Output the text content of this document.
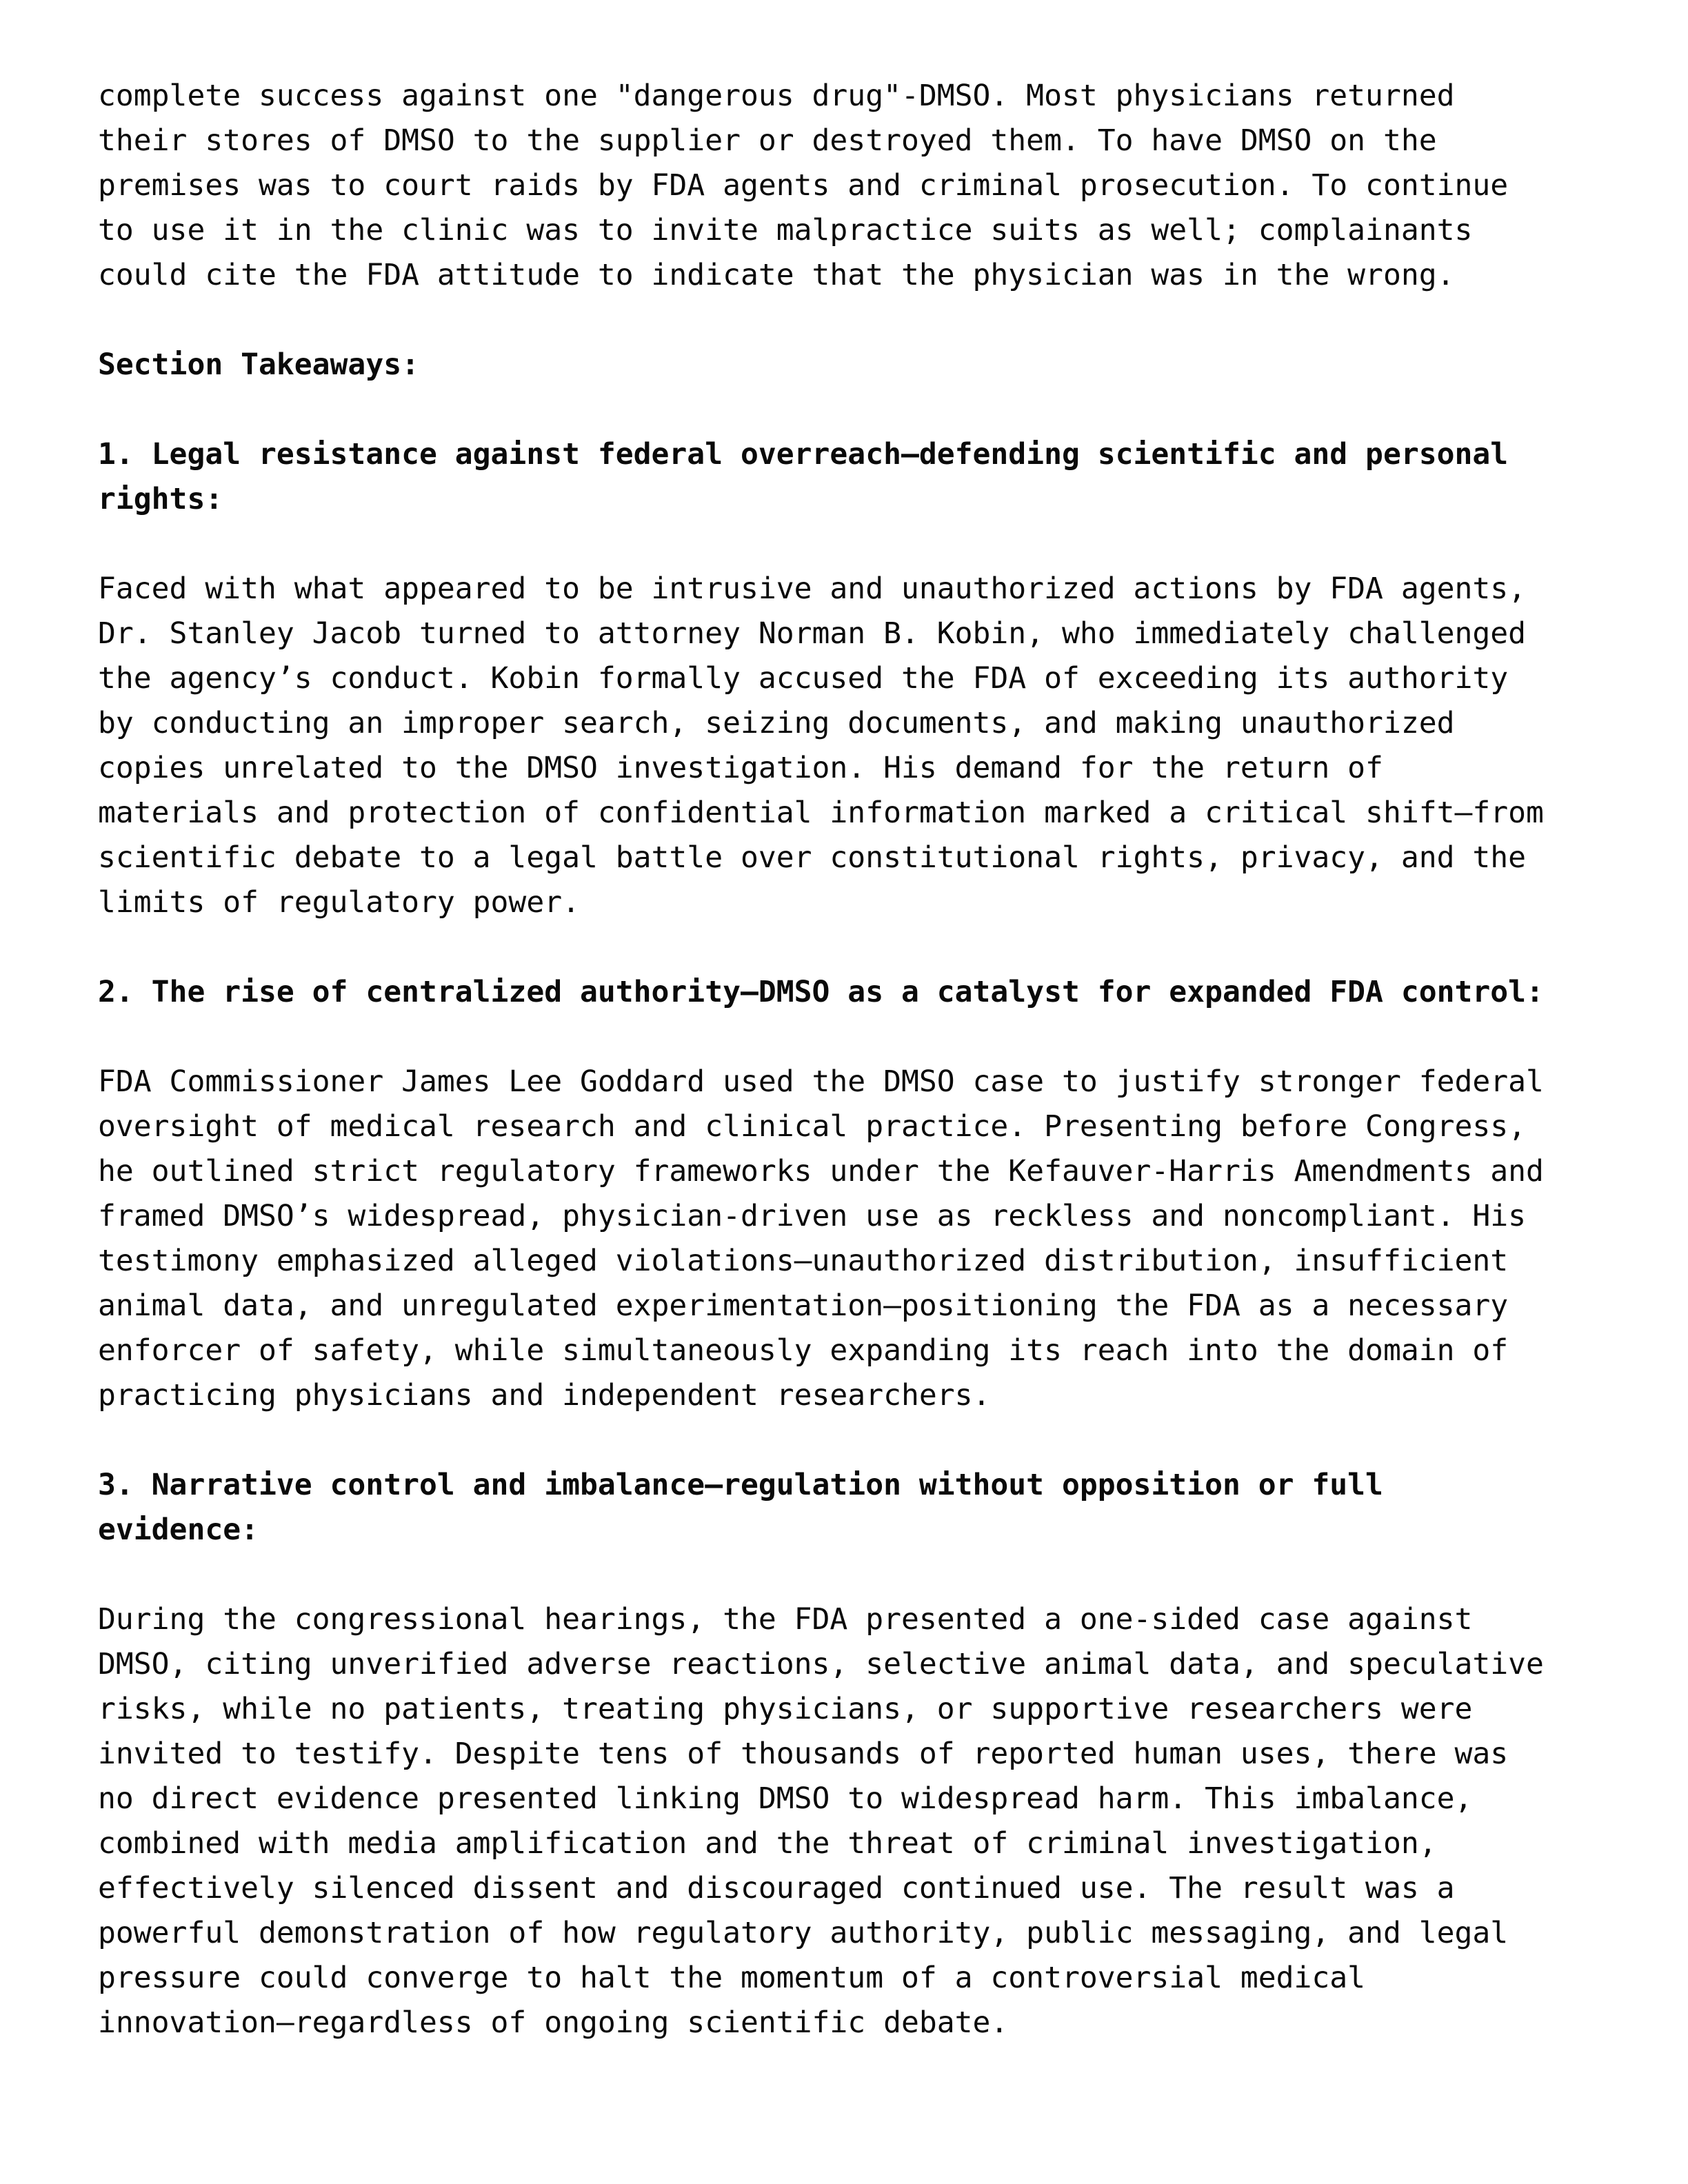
complete success against one "dangerous drug"-DMSO. Most physicians returned
their stores of DMSO to the supplier or destroyed them. To have DMSO on the
premises was to court raids by FDA agents and criminal prosecution. To continue
to use it in the clinic was to invite malpractice suits as well; complainants
could cite the FDA attitude to indicate that the physician was in the wrong.
Section Takeaways:
1. Legal resistance against federal overreach—defending scientific and personal
rights:
Faced with what appeared to be intrusive and unauthorized actions by FDA agents,
Dr. Stanley Jacob turned to attorney Norman B. Kobin, who immediately challenged
the agency’s conduct. Kobin formally accused the FDA of exceeding its authority
by conducting an improper search, seizing documents, and making unauthorized
copies unrelated to the DMSO investigation. His demand for the return of
materials and protection of confidential information marked a critical shift—from
scientific debate to a legal battle over constitutional rights, privacy, and the
limits of regulatory power.
2. The rise of centralized authority—DMSO as a catalyst for expanded FDA control:
FDA Commissioner James Lee Goddard used the DMSO case to justify stronger federal
oversight of medical research and clinical practice. Presenting before Congress,
he outlined strict regulatory frameworks under the Kefauver-Harris Amendments and
framed DMSO’s widespread, physician-driven use as reckless and noncompliant. His
testimony emphasized alleged violations—unauthorized distribution, insufficient
animal data, and unregulated experimentation—positioning the FDA as a necessary
enforcer of safety, while simultaneously expanding its reach into the domain of
practicing physicians and independent researchers.
3. Narrative control and imbalance—regulation without opposition or full
evidence:
During the congressional hearings, the FDA presented a one-sided case against
DMSO, citing unverified adverse reactions, selective animal data, and speculative
risks, while no patients, treating physicians, or supportive researchers were
invited to testify. Despite tens of thousands of reported human uses, there was
no direct evidence presented linking DMSO to widespread harm. This imbalance,
combined with media amplification and the threat of criminal investigation,
effectively silenced dissent and discouraged continued use. The result was a
powerful demonstration of how regulatory authority, public messaging, and legal
pressure could converge to halt the momentum of a controversial medical
innovation—regardless of ongoing scientific debate.
